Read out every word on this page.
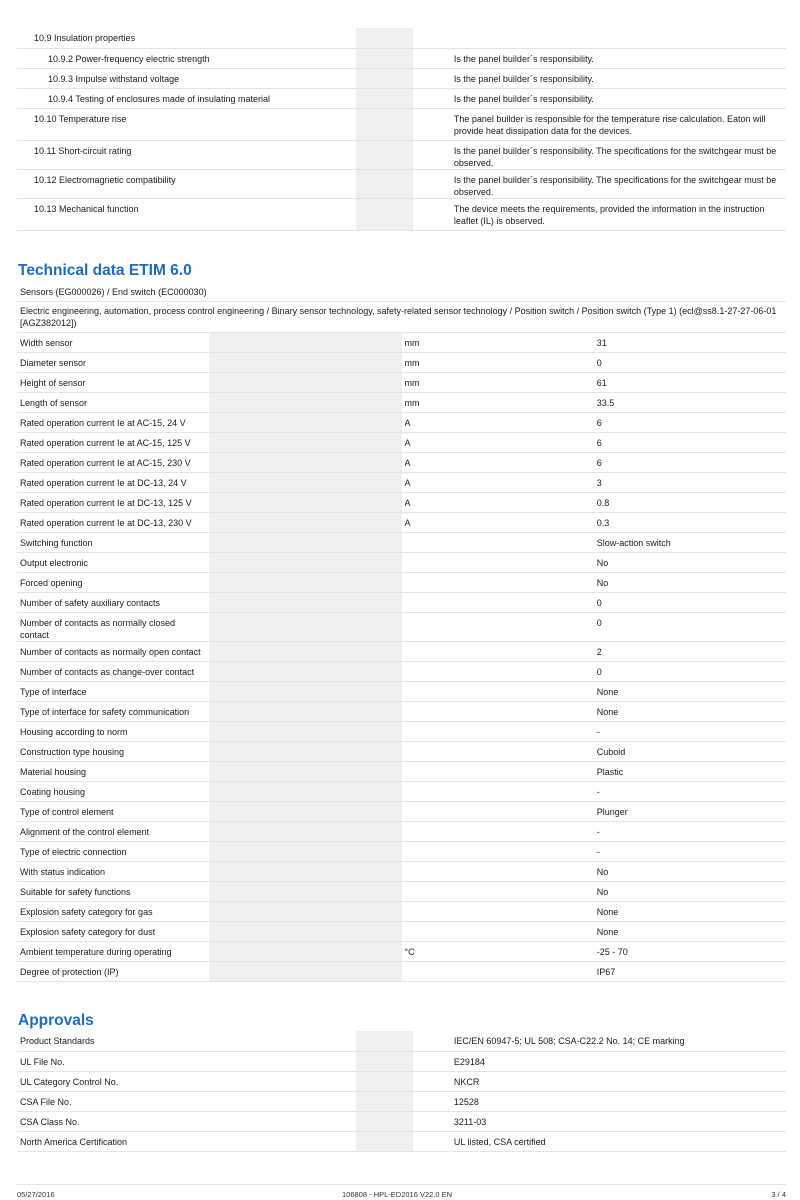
10.9 Insulation properties			
10.9.2 Power-frequency electric strength			Is the panel builder´s responsibility.
10.9.3 Impulse withstand voltage			Is the panel builder´s responsibility.
10.9.4 Testing of enclosures made of insulating material			Is the panel builder´s responsibility.
10.10 Temperature rise			The panel builder is responsible for the temperature rise calculation. Eaton will provide heat dissipation data for the devices.
10.11 Short-circuit rating			Is the panel builder´s responsibility. The specifications for the switchgear must be observed.
10.12 Electromagnetic compatibility			Is the panel builder´s responsibility. The specifications for the switchgear must be observed.
10.13 Mechanical function			The device meets the requirements, provided the information in the instruction leaflet (IL) is observed.
Technical data ETIM 6.0
Sensors (EG000026) / End switch (EC000030)			
Electric engineering, automation, process control engineering / Binary sensor technology, safety-related sensor technology / Position switch / Position switch (Type 1) (ecl@ss8.1-27-27-06-01 [AGZ382012])			
Width sensor		mm	31
Diameter sensor		mm	0
Height of sensor		mm	61
Length of sensor		mm	33.5
Rated operation current Ie at AC-15, 24 V		A	6
Rated operation current Ie at AC-15, 125 V		A	6
Rated operation current Ie at AC-15, 230 V		A	6
Rated operation current Ie at DC-13, 24 V		A	3
Rated operation current Ie at DC-13, 125 V		A	0.8
Rated operation current Ie at DC-13, 230 V		A	0.3
Switching function			Slow-action switch
Output electronic			No
Forced opening			No
Number of safety auxiliary contacts			0
Number of contacts as normally closed contact			0
Number of contacts as normally open contact			2
Number of contacts as change-over contact			0
Type of interface			None
Type of interface for safety communication			None
Housing according to norm			-
Construction type housing			Cuboid
Material housing			Plastic
Coating housing			-
Type of control element			Plunger
Alignment of the control element			-
Type of electric connection			-
With status indication			No
Suitable for safety functions			No
Explosion safety category for gas			None
Explosion safety category for dust			None
Ambient temperature during operating		°C	-25 - 70
Degree of protection (IP)			IP67
Approvals
Product Standards			IEC/EN 60947-5; UL 508; CSA-C22.2 No. 14; CE marking
UL File No.			E29184
UL Category Control No.			NKCR
CSA File No.			12528
CSA Class No.			3211-03
North America Certification			UL listed, CSA certified
05/27/2016	106808 - HPL-ED2016 V22.0 EN	3 / 4
